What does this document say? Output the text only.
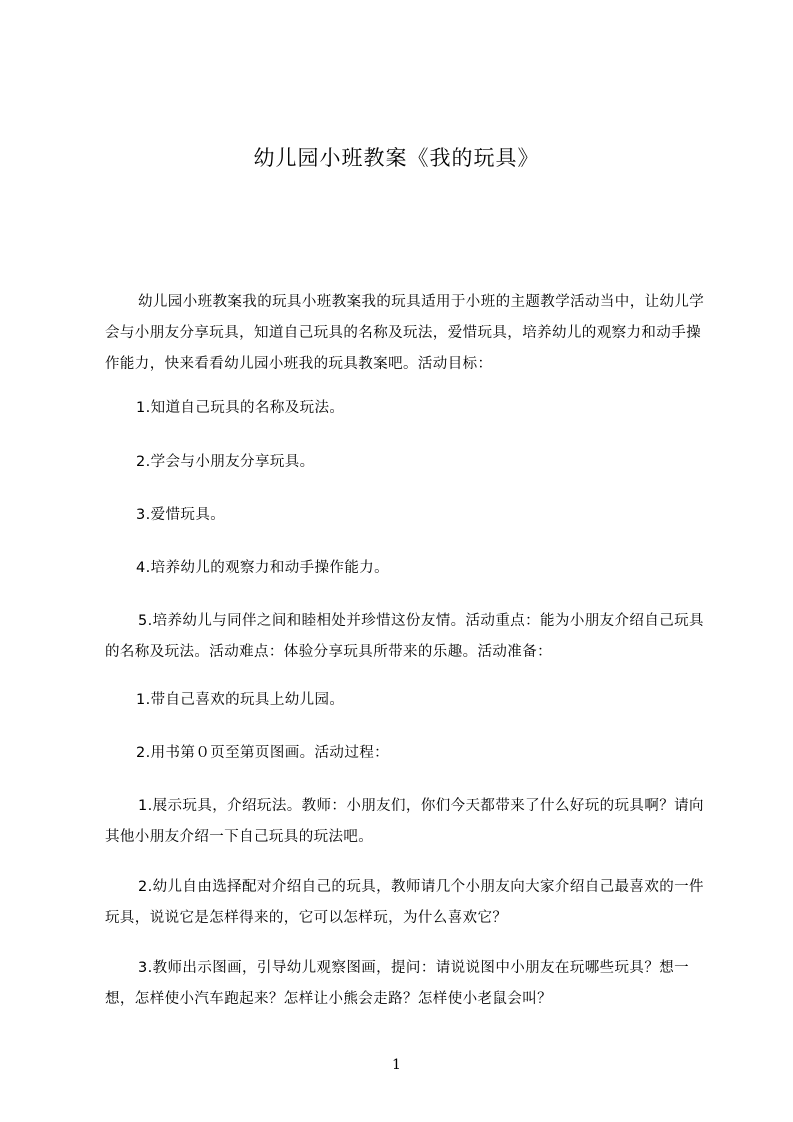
幼儿园小班教案《我的玩具》

幼儿园小班教案我的玩具小班教案我的玩具适用于小班的主题教学活动当中，让幼儿学会与小朋友分享玩具，知道自己玩具的名称及玩法，爱惜玩具，培养幼儿的观察力和动手操作能力，快来看看幼儿园小班我的玩具教案吧。活动目标：

1.知道自己玩具的名称及玩法。

2.学会与小朋友分享玩具。

3.爱惜玩具。

4.培养幼儿的观察力和动手操作能力。

5.培养幼儿与同伴之间和睦相处并珍惜这份友情。活动重点：能为小朋友介绍自己玩具的名称及玩法。活动难点：体验分享玩具所带来的乐趣。活动准备：

1.带自己喜欢的玩具上幼儿园。

2.用书第０页至第页图画。活动过程：

1.展示玩具，介绍玩法。教师：小朋友们，你们今天都带来了什么好玩的玩具啊？请向其他小朋友介绍一下自己玩具的玩法吧。

2.幼儿自由选择配对介绍自己的玩具，教师请几个小朋友向大家介绍自己最喜欢的一件玩具，说说它是怎样得来的，它可以怎样玩，为什么喜欢它？

3.教师出示图画，引导幼儿观察图画，提问：请说说图中小朋友在玩哪些玩具？想一想，怎样使小汽车跑起来？怎样让小熊会走路？怎样使小老鼠会叫？

1
